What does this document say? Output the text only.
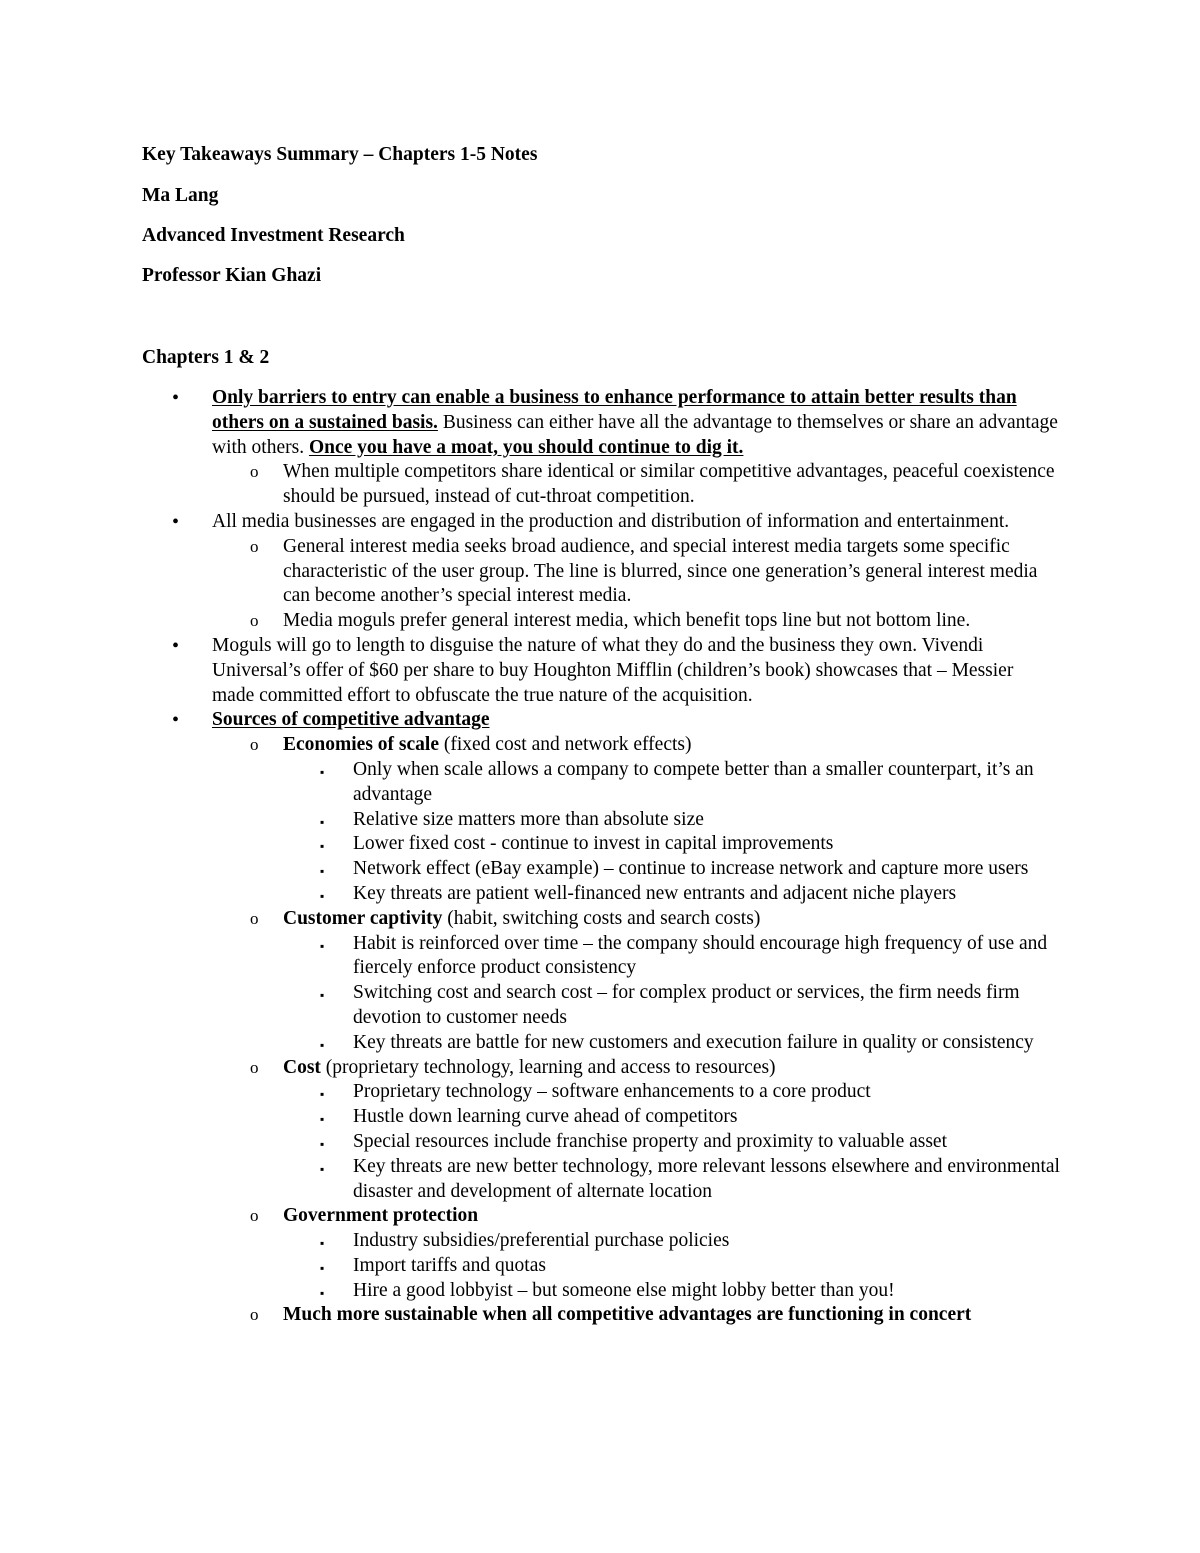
Key Takeaways Summary – Chapters 1-5 Notes

Ma Lang

Advanced Investment Research

Professor Kian Ghazi

Chapters 1 & 2

• Only barriers to entry can enable a business to enhance performance to attain better results than others on a sustained basis. Business can either have all the advantage to themselves or share an advantage with others. Once you have a moat, you should continue to dig it.
o When multiple competitors share identical or similar competitive advantages, peaceful coexistence should be pursued, instead of cut-throat competition.
• All media businesses are engaged in the production and distribution of information and entertainment.
o General interest media seeks broad audience, and special interest media targets some specific characteristic of the user group. The line is blurred, since one generation’s general interest media can become another’s special interest media.
o Media moguls prefer general interest media, which benefit tops line but not bottom line.
• Moguls will go to length to disguise the nature of what they do and the business they own. Vivendi Universal’s offer of $60 per share to buy Houghton Mifflin (children’s book) showcases that – Messier made committed effort to obfuscate the true nature of the acquisition.
• Sources of competitive advantage
o Economies of scale (fixed cost and network effects)
▪ Only when scale allows a company to compete better than a smaller counterpart, it’s an advantage
▪ Relative size matters more than absolute size
▪ Lower fixed cost - continue to invest in capital improvements
▪ Network effect (eBay example) – continue to increase network and capture more users
▪ Key threats are patient well-financed new entrants and adjacent niche players
o Customer captivity (habit, switching costs and search costs)
▪ Habit is reinforced over time – the company should encourage high frequency of use and fiercely enforce product consistency
▪ Switching cost and search cost – for complex product or services, the firm needs firm devotion to customer needs
▪ Key threats are battle for new customers and execution failure in quality or consistency
o Cost (proprietary technology, learning and access to resources)
▪ Proprietary technology – software enhancements to a core product
▪ Hustle down learning curve ahead of competitors
▪ Special resources include franchise property and proximity to valuable asset
▪ Key threats are new better technology, more relevant lessons elsewhere and environmental disaster and development of alternate location
o Government protection
▪ Industry subsidies/preferential purchase policies
▪ Import tariffs and quotas
▪ Hire a good lobbyist – but someone else might lobby better than you!
o Much more sustainable when all competitive advantages are functioning in concert
